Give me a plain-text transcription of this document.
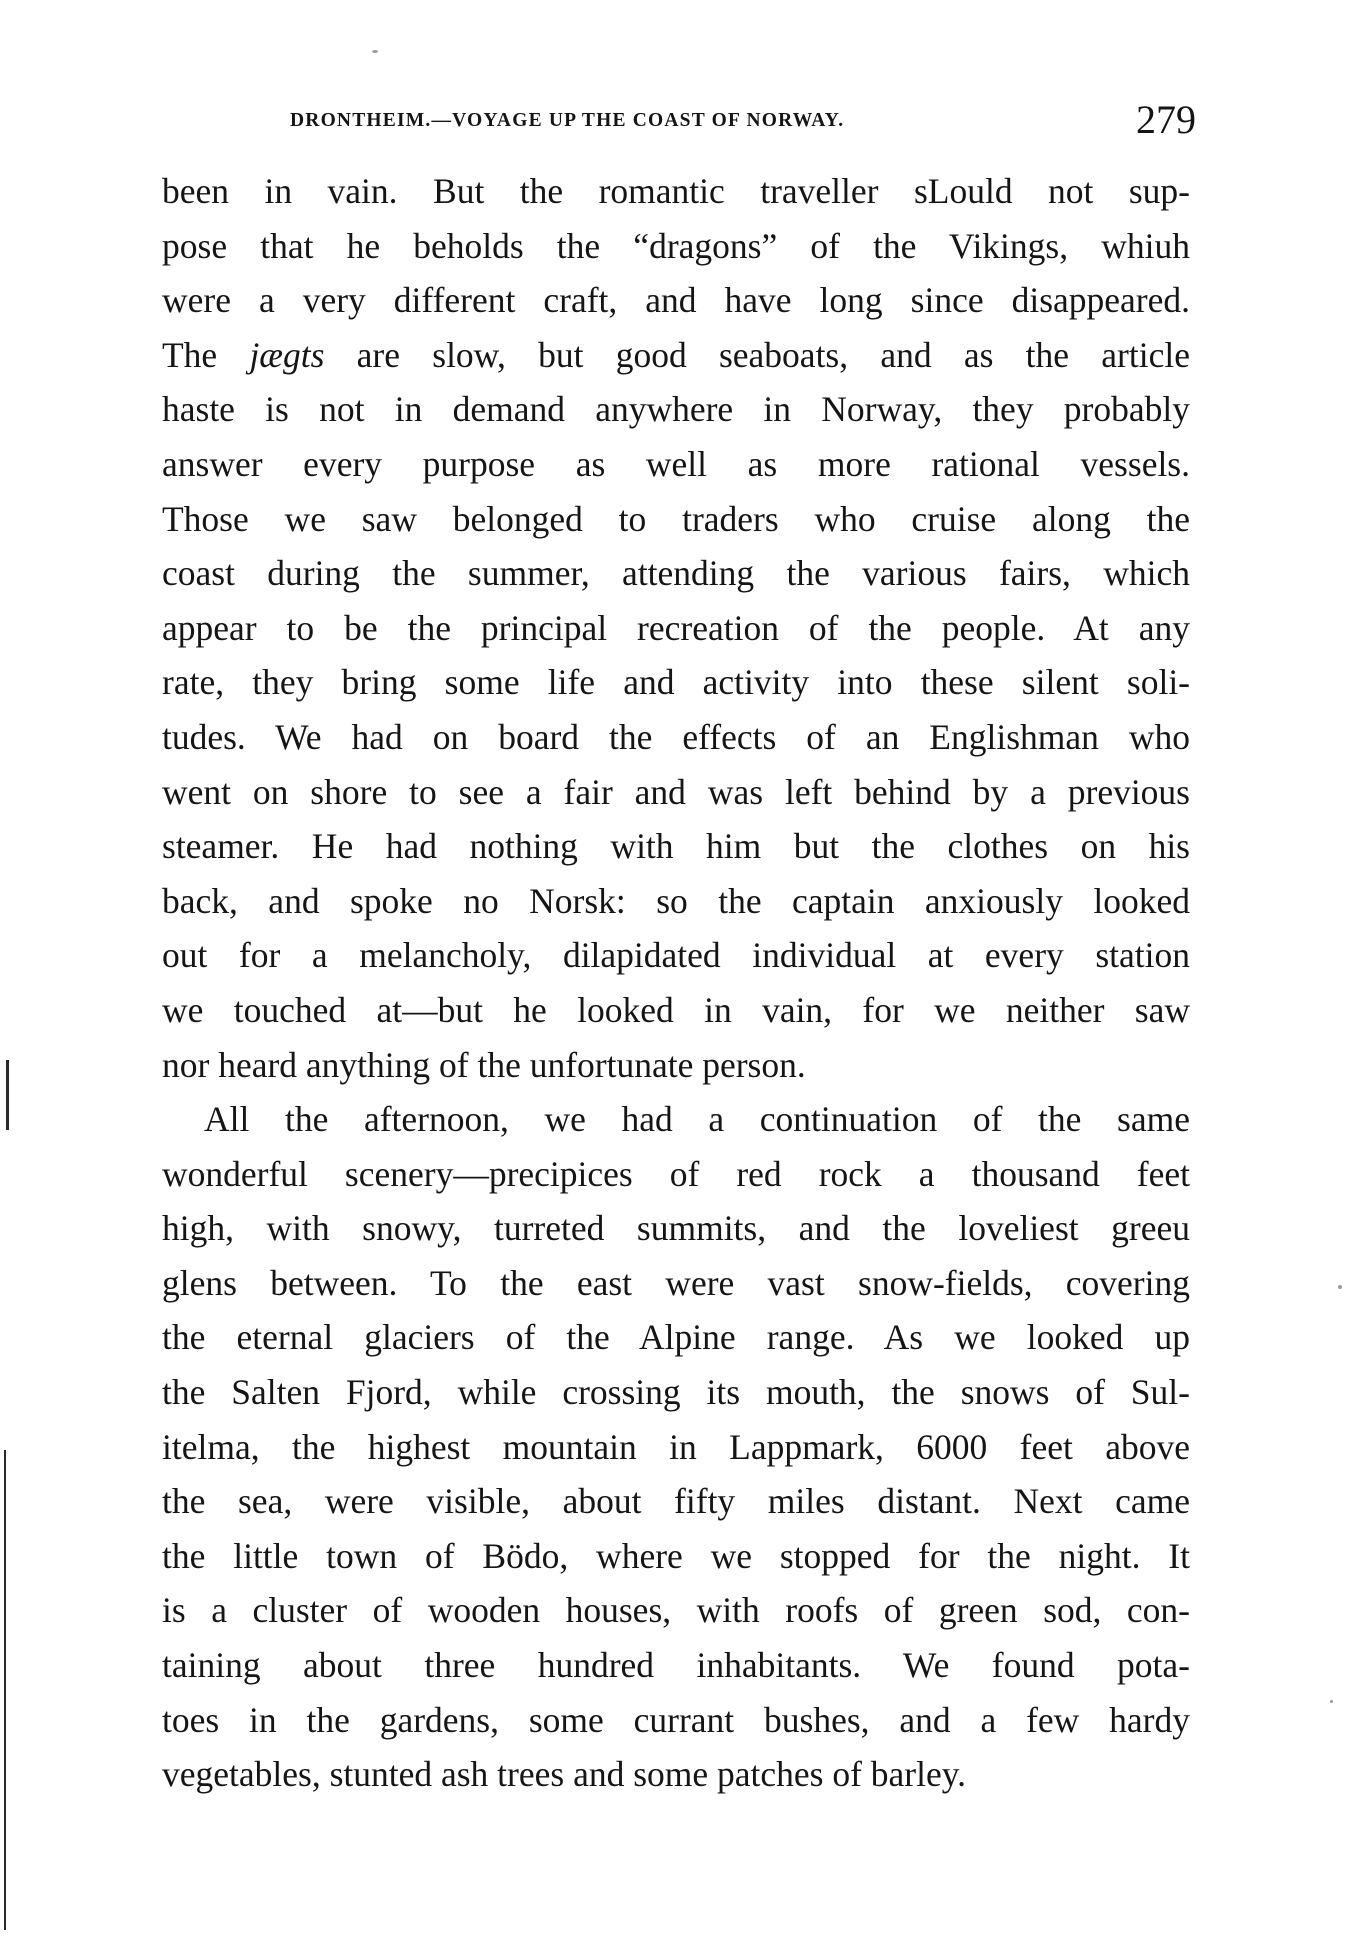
DRONTHEIM.—VOYAGE UP THE COAST OF NORWAY.	279
been in vain. But the romantic traveller sLould not sup-
pose that he beholds the “dragons” of the Vikings, whiuh
were a very different craft, and have long since disappeared.
The jægts are slow, but good seaboats, and as the article
haste is not in demand anywhere in Norway, they probably
answer every purpose as well as more rational vessels.
Those we saw belonged to traders who cruise along the
coast during the summer, attending the various fairs, which
appear to be the principal recreation of the people. At any
rate, they bring some life and activity into these silent soli-
tudes. We had on board the effects of an Englishman who
went on shore to see a fair and was left behind by a previous
steamer. He had nothing with him but the clothes on his
back, and spoke no Norsk: so the captain anxiously looked
out for a melancholy, dilapidated individual at every station
we touched at—but he looked in vain, for we neither saw
nor heard anything of the unfortunate person.
All the afternoon, we had a continuation of the same
wonderful scenery—precipices of red rock a thousand feet
high, with snowy, turreted summits, and the loveliest greeu
glens between. To the east were vast snow-fields, covering
the eternal glaciers of the Alpine range. As we looked up
the Salten Fjord, while crossing its mouth, the snows of Sul-
itelma, the highest mountain in Lappmark, 6000 feet above
the sea, were visible, about fifty miles distant. Next came
the little town of Bödo, where we stopped for the night. It
is a cluster of wooden houses, with roofs of green sod, con-
taining about three hundred inhabitants. We found pota-
toes in the gardens, some currant bushes, and a few hardy
vegetables, stunted ash trees and some patches of barley.
